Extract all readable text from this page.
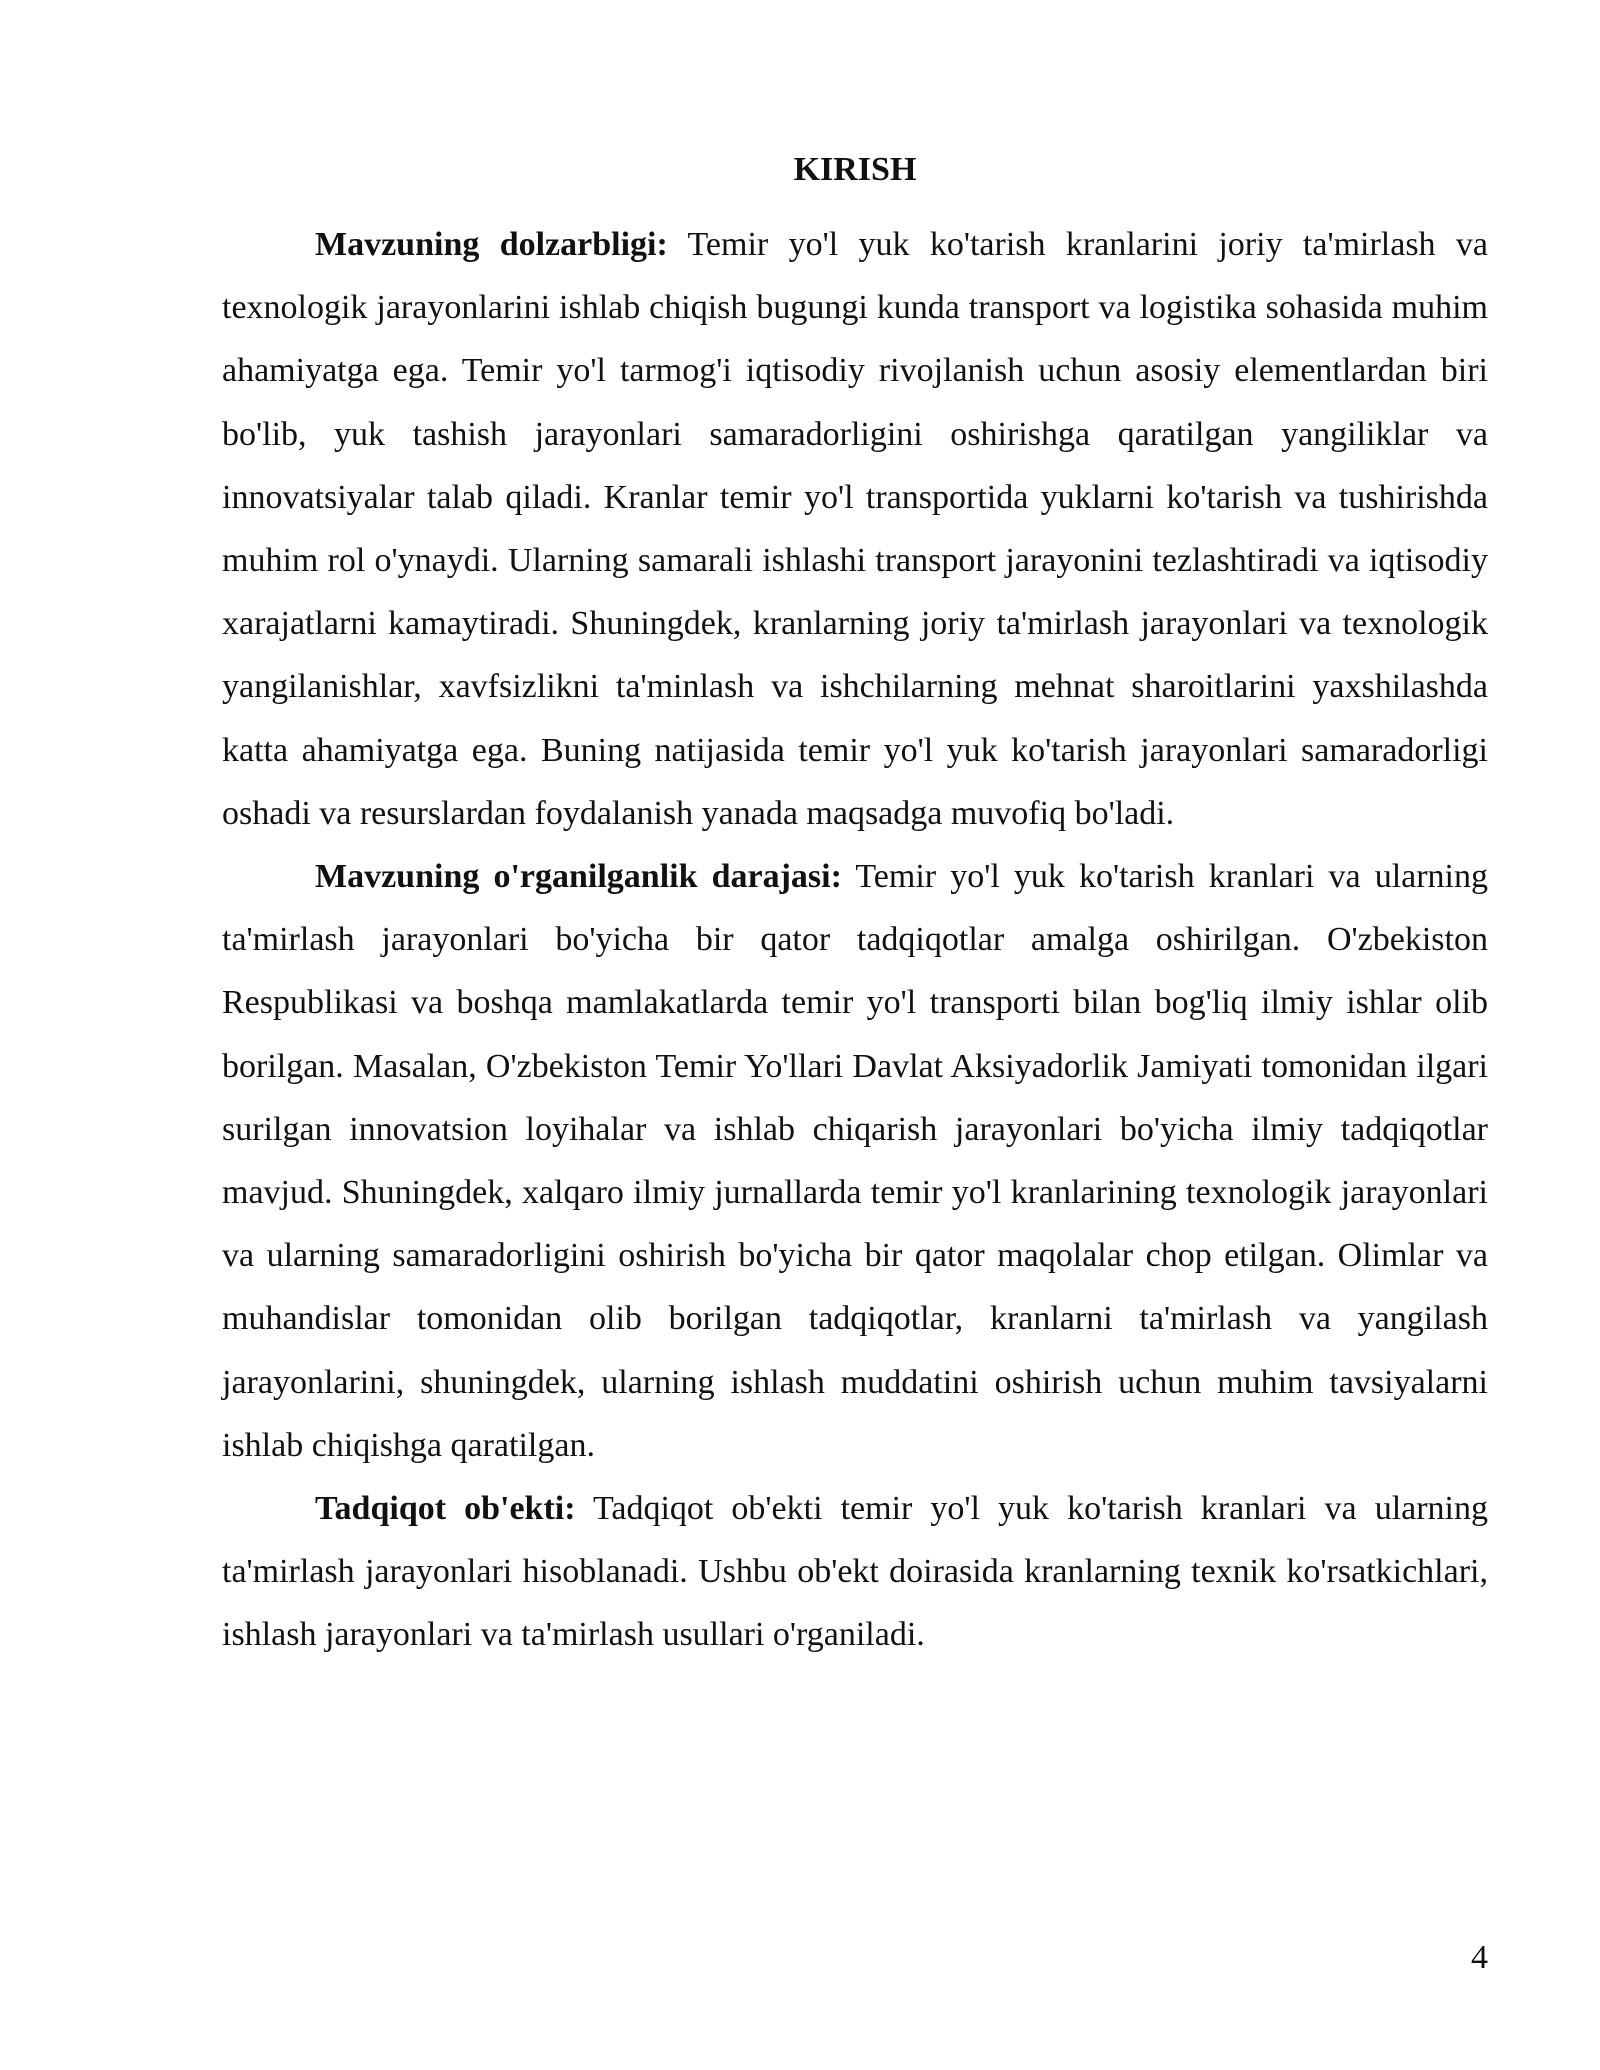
KIRISH

Mavzuning dolzarbligi: Temir yo'l yuk ko'tarish kranlarini joriy ta'mirlash va texnologik jarayonlarini ishlab chiqish bugungi kunda transport va logistika sohasida muhim ahamiyatga ega. Temir yo'l tarmog'i iqtisodiy rivojlanish uchun asosiy elementlardan biri bo'lib, yuk tashish jarayonlari samaradorligini oshirishga qaratilgan yangiliklar va innovatsiyalar talab qiladi. Kranlar temir yo'l transportida yuklarni ko'tarish va tushirishda muhim rol o'ynaydi. Ularning samarali ishlashi transport jarayonini tezlashtiradi va iqtisodiy xarajatlarni kamaytiradi. Shuningdek, kranlarning joriy ta'mirlash jarayonlari va texnologik yangilanishlar, xavfsizlikni ta'minlash va ishchilarning mehnat sharoitlarini yaxshilashda katta ahamiyatga ega. Buning natijasida temir yo'l yuk ko'tarish jarayonlari samaradorligi oshadi va resurslardan foydalanish yanada maqsadga muvofiq bo'ladi.

Mavzuning o'rganilganlik darajasi: Temir yo'l yuk ko'tarish kranlari va ularning ta'mirlash jarayonlari bo'yicha bir qator tadqiqotlar amalga oshirilgan. O'zbekiston Respublikasi va boshqa mamlakatlarda temir yo'l transporti bilan bog'liq ilmiy ishlar olib borilgan. Masalan, O'zbekiston Temir Yo'llari Davlat Aksiyadorlik Jamiyati tomonidan ilgari surilgan innovatsion loyihalar va ishlab chiqarish jarayonlari bo'yicha ilmiy tadqiqotlar mavjud. Shuningdek, xalqaro ilmiy jurnallarda temir yo'l kranlarining texnologik jarayonlari va ularning samaradorligini oshirish bo'yicha bir qator maqolalar chop etilgan. Olimlar va muhandislar tomonidan olib borilgan tadqiqotlar, kranlarni ta'mirlash va yangilash jarayonlarini, shuningdek, ularning ishlash muddatini oshirish uchun muhim tavsiyalarni ishlab chiqishga qaratilgan.

Tadqiqot ob'ekti: Tadqiqot ob'ekti temir yo'l yuk ko'tarish kranlari va ularning ta'mirlash jarayonlari hisoblanadi. Ushbu ob'ekt doirasida kranlarning texnik ko'rsatkichlari, ishlash jarayonlari va ta'mirlash usullari o'rganiladi.

4
